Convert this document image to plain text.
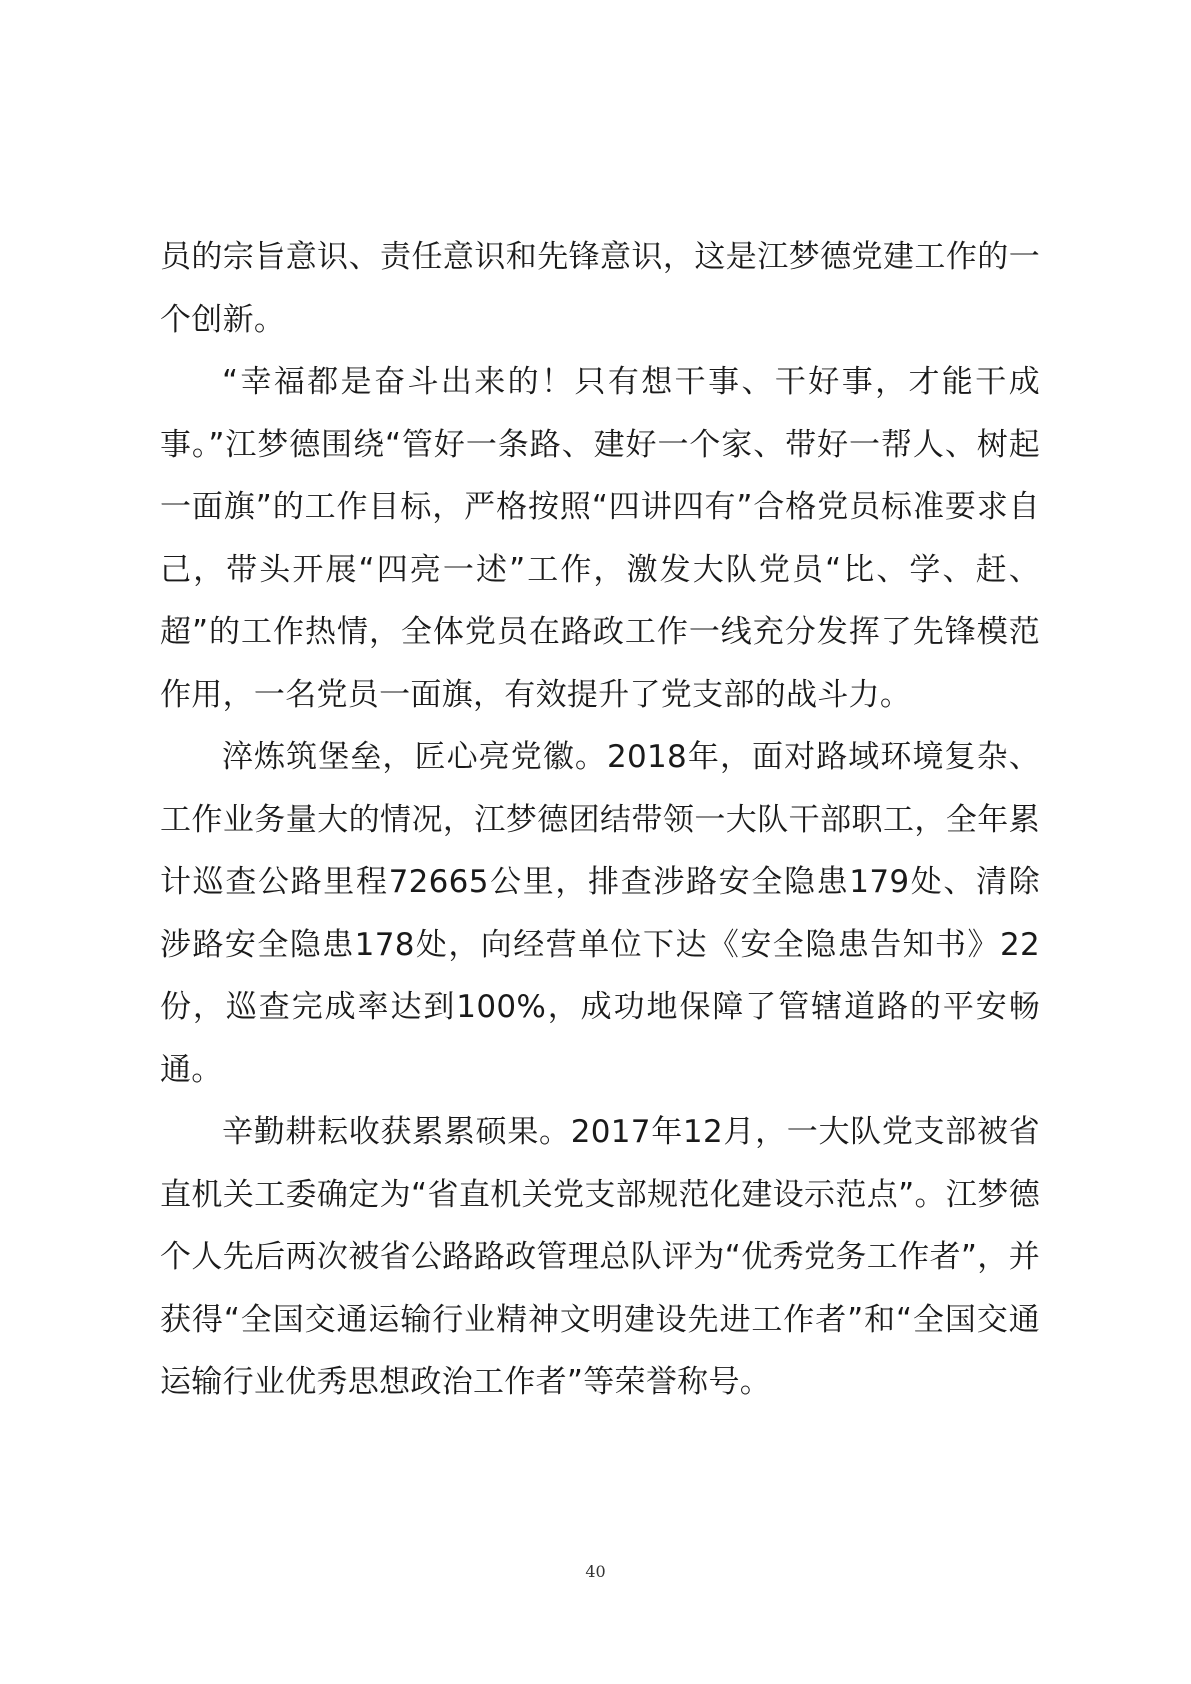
员的宗旨意识、责任意识和先锋意识，这是江梦德党建工作的一个创新。

“幸福都是奋斗出来的！只有想干事、干好事，才能干成事。”江梦德围绕“管好一条路、建好一个家、带好一帮人、树起一面旗”的工作目标，严格按照“四讲四有”合格党员标准要求自己，带头开展“四亮一述”工作，激发大队党员“比、学、赶、超”的工作热情，全体党员在路政工作一线充分发挥了先锋模范作用，一名党员一面旗，有效提升了党支部的战斗力。

淬炼筑堡垒，匠心亮党徽。2018年，面对路域环境复杂、工作业务量大的情况，江梦德团结带领一大队干部职工，全年累计巡查公路里程72665公里，排查涉路安全隐患179处、清除涉路安全隐患178处，向经营单位下达《安全隐患告知书》22份，巡查完成率达到100%，成功地保障了管辖道路的平安畅通。

辛勤耕耘收获累累硕果。2017年12月，一大队党支部被省直机关工委确定为“省直机关党支部规范化建设示范点”。江梦德个人先后两次被省公路路政管理总队评为“优秀党务工作者”，并获得“全国交通运输行业精神文明建设先进工作者”和“全国交通运输行业优秀思想政治工作者”等荣誉称号。

40
